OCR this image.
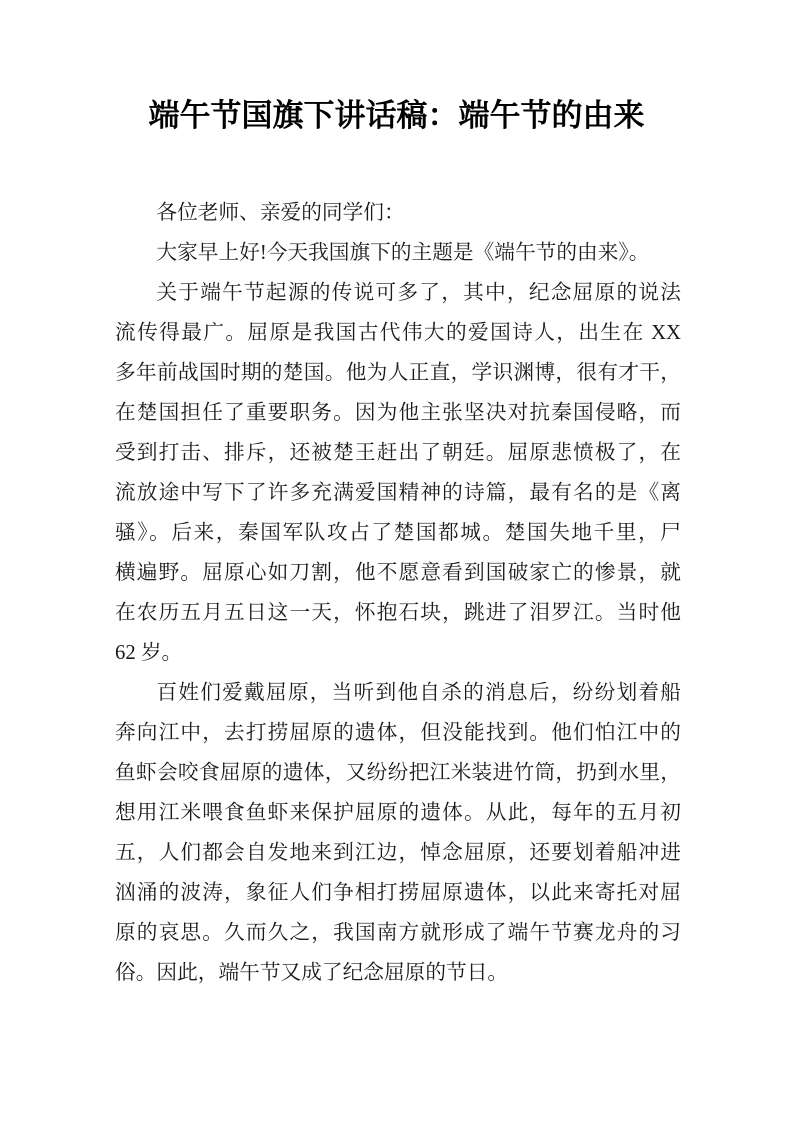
端午节国旗下讲话稿：端午节的由来
各位老师、亲爱的同学们：
大家早上好!今天我国旗下的主题是《端午节的由来》。
关于端午节起源的传说可多了，其中，纪念屈原的说法
流传得最广。屈原是我国古代伟大的爱国诗人，出生在 XX
多年前战国时期的楚国。他为人正直，学识渊博，很有才干，
在楚国担任了重要职务。因为他主张坚决对抗秦国侵略，而
受到打击、排斥，还被楚王赶出了朝廷。屈原悲愤极了，在
流放途中写下了许多充满爱国精神的诗篇，最有名的是《离
骚》。后来，秦国军队攻占了楚国都城。楚国失地千里，尸
横遍野。屈原心如刀割，他不愿意看到国破家亡的惨景，就
在农历五月五日这一天，怀抱石块，跳进了泪罗江。当时他
62 岁。
百姓们爱戴屈原，当听到他自杀的消息后，纷纷划着船
奔向江中，去打捞屈原的遗体，但没能找到。他们怕江中的
鱼虾会咬食屈原的遗体，又纷纷把江米装进竹筒，扔到水里，
想用江米喂食鱼虾来保护屈原的遗体。从此，每年的五月初
五，人们都会自发地来到江边，悼念屈原，还要划着船冲进
汹涌的波涛，象征人们争相打捞屈原遗体，以此来寄托对屈
原的哀思。久而久之，我国南方就形成了端午节赛龙舟的习
俗。因此，端午节又成了纪念屈原的节日。
